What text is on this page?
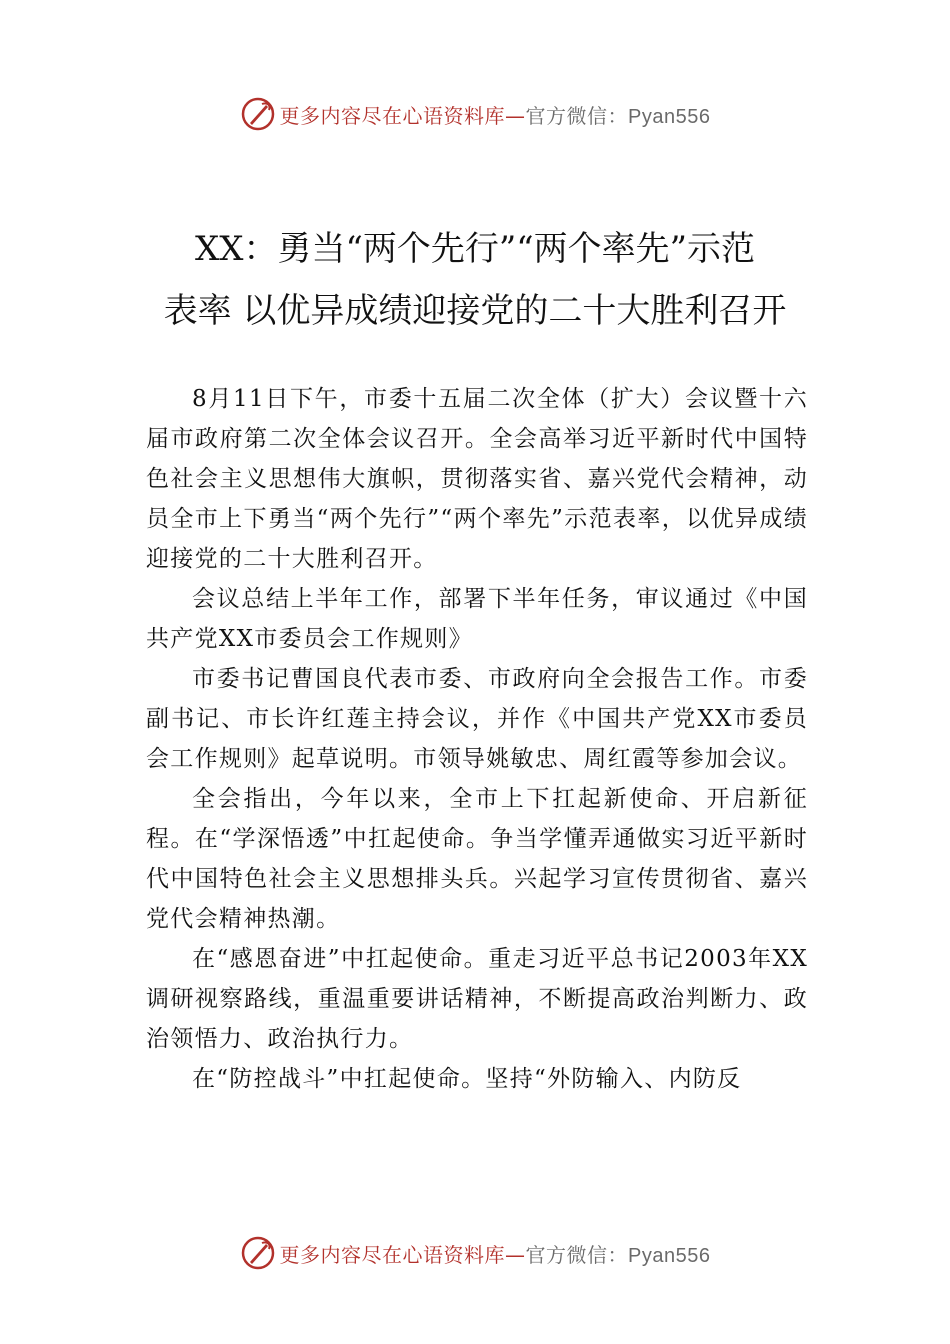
更多内容尽在心语资料库—官方微信：Pyan556
XX：勇当“两个先行”“两个率先”示范
表率 以优异成绩迎接党的二十大胜利召开

8月11日下午，市委十五届二次全体（扩大）会议暨十六届市政府第二次全体会议召开。全会高举习近平新时代中国特色社会主义思想伟大旗帜，贯彻落实省、嘉兴党代会精神，动员全市上下勇当“两个先行”“两个率先”示范表率，以优异成绩迎接党的二十大胜利召开。

会议总结上半年工作，部署下半年任务，审议通过《中国共产党XX市委员会工作规则》

市委书记曹国良代表市委、市政府向全会报告工作。市委副书记、市长许红莲主持会议，并作《中国共产党XX市委员会工作规则》起草说明。市领导姚敏忠、周红霞等参加会议。

全会指出，今年以来，全市上下扛起新使命、开启新征程。在“学深悟透”中扛起使命。争当学懂弄通做实习近平新时代中国特色社会主义思想排头兵。兴起学习宣传贯彻省、嘉兴党代会精神热潮。

在“感恩奋进”中扛起使命。重走习近平总书记2003年XX调研视察路线，重温重要讲话精神，不断提高政治判断力、政治领悟力、政治执行力。

在“防控战斗”中扛起使命。坚持“外防输入、内防反

更多内容尽在心语资料库—官方微信：Pyan556
